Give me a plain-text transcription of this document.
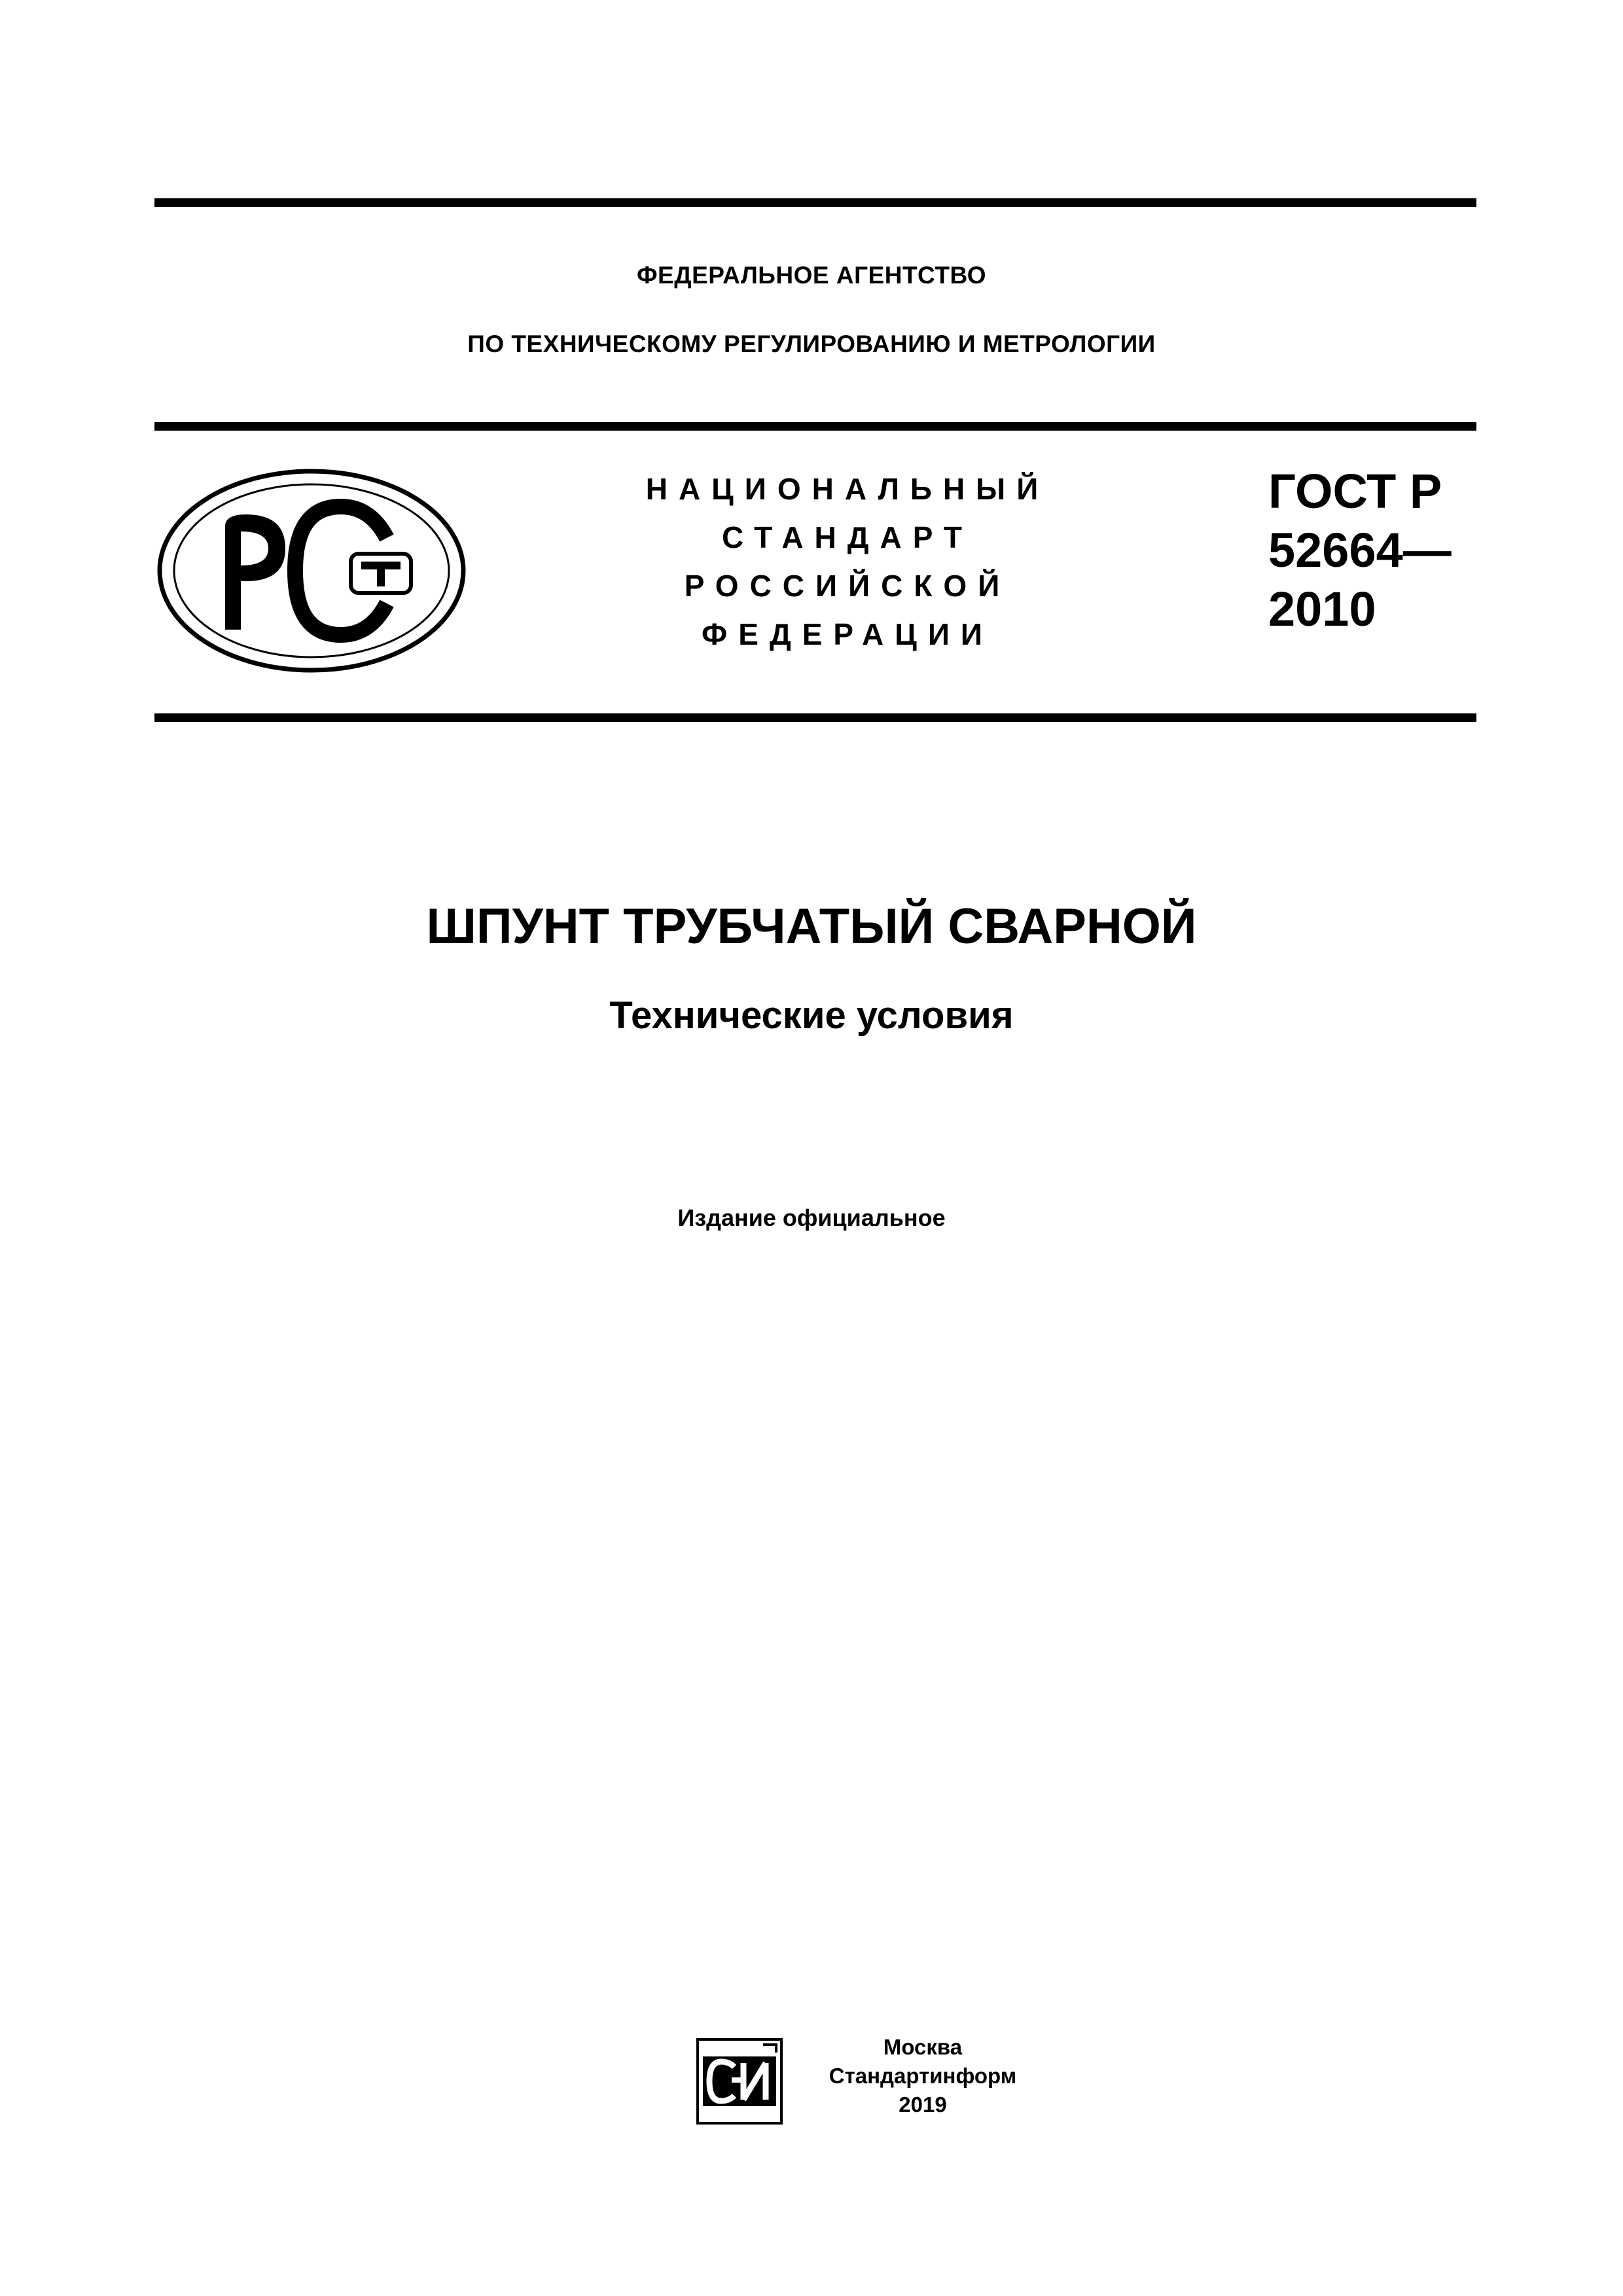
ФЕДЕРАЛЬНОЕ АГЕНТСТВО
ПО ТЕХНИЧЕСКОМУ РЕГУЛИРОВАНИЮ И МЕТРОЛОГИИ
НАЦИОНАЛЬНЫЙ
СТАНДАРТ
РОССИЙСКОЙ
ФЕДЕРАЦИИ
ГОСТ Р
52664—
2010
ШПУНТ ТРУБЧАТЫЙ СВАРНОЙ
Технические условия
Издание официальное
Москва
Стандартинформ
2019
